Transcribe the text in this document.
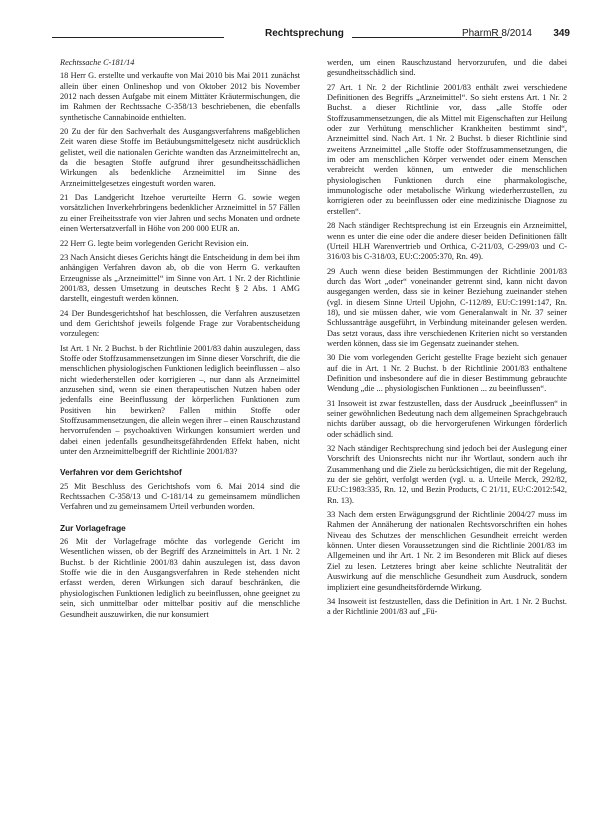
Rechtsprechung	PharmR 8/2014 349

Rechtssache C-181/14

18 Herr G. erstellte und verkaufte von Mai 2010 bis Mai 2011 zunächst allein über einen Onlineshop und von Oktober 2012 bis November 2012 nach dessen Aufgabe mit einem Mittäter Kräutermischungen, die im Rahmen der Rechtssache C-358/13 beschriebenen, die ebenfalls synthetische Cannabinoide enthielten.

20 Zu der für den Sachverhalt des Ausgangsverfahrens maßgeblichen Zeit waren diese Stoffe im Betäubungsmittelgesetz nicht ausdrücklich gelistet, weil die nationalen Gerichte wandten das Arzneimittelrecht an, da die besagten Stoffe aufgrund ihrer gesundheitsschädlichen Wirkungen als bedenkliche Arzneimittel im Sinne des Arzneimittelgesetzes eingestuft worden waren.

21 Das Landgericht Itzehoe verurteilte Herrn G. sowie wegen vorsätzlichen Inverkehrbringens bedenklicher Arzneimittel in 57 Fällen zu einer Freiheitsstrafe von vier Jahren und sechs Monaten und ordnete einen Wertersatzverfall in Höhe von 200 000 EUR an.

22 Herr G. legte beim vorlegenden Gericht Revision ein.

23 Nach Ansicht dieses Gerichts hängt die Entscheidung in dem bei ihm anhängigen Verfahren davon ab, ob die von Herrn G. verkauften Erzeugnisse als „Arzneimittel“ im Sinne von Art. 1 Nr. 2 der Richtlinie 2001/83, dessen Umsetzung in deutsches Recht § 2 Abs. 1 AMG darstellt, eingestuft werden können.

24 Der Bundesgerichtshof hat beschlossen, die Verfahren auszusetzen und dem Gerichtshof jeweils folgende Frage zur Vorabentscheidung vorzulegen:

Ist Art. 1 Nr. 2 Buchst. b der Richtlinie 2001/83 dahin auszulegen, dass Stoffe oder Stoffzusammensetzungen im Sinne dieser Vorschrift, die die menschlichen physiologischen Funktionen lediglich beeinflussen – also nicht wiederherstellen oder korrigieren –, nur dann als Arzneimittel anzusehen sind, wenn sie einen therapeutischen Nutzen haben oder jedenfalls eine Beeinflussung der körperlichen Funktionen zum Positiven hin bewirken? Fallen mithin Stoffe oder Stoffzusammensetzungen, die allein wegen ihrer – einen Rauschzustand hervorrufenden – psychoaktiven Wirkungen konsumiert werden und dabei einen jedenfalls gesundheitsgefährdenden Effekt haben, nicht unter den Arzneimittelbegriff der Richtlinie 2001/83?

Verfahren vor dem Gerichtshof

25 Mit Beschluss des Gerichtshofs vom 6. Mai 2014 sind die Rechtssachen C-358/13 und C-181/14 zu gemeinsamem mündlichen Verfahren und zu gemeinsamem Urteil verbunden worden.

Zur Vorlagefrage

26 Mit der Vorlagefrage möchte das vorlegende Gericht im Wesentlichen wissen, ob der Begriff des Arzneimittels in Art. 1 Nr. 2 Buchst. b der Richtlinie 2001/83 dahin auszulegen ist, dass davon Stoffe wie die in den Ausgangsverfahren in Rede stehenden nicht erfasst werden, deren Wirkungen sich darauf beschränken, die physiologischen Funktionen lediglich zu beeinflussen, ohne geeignet zu sein, sich unmittelbar oder mittelbar positiv auf die menschliche Gesundheit auszuwirken, die nur konsumiert

werden, um einen Rauschzustand hervorzurufen, und die dabei gesundheitsschädlich sind.

27 Art. 1 Nr. 2 der Richtlinie 2001/83 enthält zwei verschiedene Definitionen des Begriffs „Arzneimittel“. So sieht erstens Art. 1 Nr. 2 Buchst. a dieser Richtlinie vor, dass „alle Stoffe oder Stoffzusammensetzungen, die als Mittel mit Eigenschaften zur Heilung oder zur Verhütung menschlicher Krankheiten bestimmt sind“, Arzneimittel sind. Nach Art. 1 Nr. 2 Buchst. b dieser Richtlinie sind zweitens Arzneimittel „alle Stoffe oder Stoffzusammensetzungen, die im oder am menschlichen Körper verwendet oder einem Menschen verabreicht werden können, um entweder die menschlichen physiologischen Funktionen durch eine pharmakologische, immunologische oder metabolische Wirkung wiederherzustellen, zu korrigieren oder zu beeinflussen oder eine medizinische Diagnose zu erstellen“.

28 Nach ständiger Rechtsprechung ist ein Erzeugnis ein Arzneimittel, wenn es unter die eine oder die andere dieser beiden Definitionen fällt (Urteil HLH Warenvertrieb und Orthica, C-211/03, C-299/03 und C-316/03 bis C-318/03, EU:C:2005:370, Rn. 49).

29 Auch wenn diese beiden Bestimmungen der Richtlinie 2001/83 durch das Wort „oder“ voneinander getrennt sind, kann nicht davon ausgegangen werden, dass sie in keiner Beziehung zueinander stehen (vgl. in diesem Sinne Urteil Upjohn, C-112/89, EU:C:1991:147, Rn. 18), und sie müssen daher, wie vom Generalanwalt in Nr. 37 seiner Schlussanträge ausgeführt, in Verbindung miteinander gelesen werden. Das setzt voraus, dass ihre verschiedenen Kriterien nicht so verstanden werden können, dass sie im Gegensatz zueinander stehen.

30 Die vom vorlegenden Gericht gestellte Frage bezieht sich genauer auf die in Art. 1 Nr. 2 Buchst. b der Richtlinie 2001/83 enthaltene Definition und insbesondere auf die in dieser Bestimmung gebrauchte Wendung „die ... physiologischen Funktionen ... zu beeinflussen“.

31 Insoweit ist zwar festzustellen, dass der Ausdruck „beeinflussen“ in seiner gewöhnlichen Bedeutung nach dem allgemeinen Sprachgebrauch nichts darüber aussagt, ob die hervorgerufenen Wirkungen förderlich oder schädlich sind.

32 Nach ständiger Rechtsprechung sind jedoch bei der Auslegung einer Vorschrift des Unionsrechts nicht nur ihr Wortlaut, sondern auch ihr Zusammenhang und die Ziele zu berücksichtigen, die mit der Regelung, zu der sie gehört, verfolgt werden (vgl. u. a. Urteile Merck, 292/82, EU:C:1983:335, Rn. 12, und Bezin Products, C 21/11, EU:C:2012:542, Rn. 13).

33 Nach dem ersten Erwägungsgrund der Richtlinie 2004/27 muss im Rahmen der Annäherung der nationalen Rechtsvorschriften ein hohes Niveau des Schutzes der menschlichen Gesundheit erreicht werden können. Unter diesen Voraussetzungen sind die Richtlinie 2001/83 im Allgemeinen und ihr Art. 1 Nr. 2 im Besonderen mit Blick auf dieses Ziel zu lesen. Letzteres bringt aber keine schlichte Neutralität der Auswirkung auf die menschliche Gesundheit zum Ausdruck, sondern impliziert eine gesundheitsfördernde Wirkung.

34 Insoweit ist festzustellen, dass die Definition in Art. 1 Nr. 2 Buchst. a der Richtlinie 2001/83 auf „Fü-
